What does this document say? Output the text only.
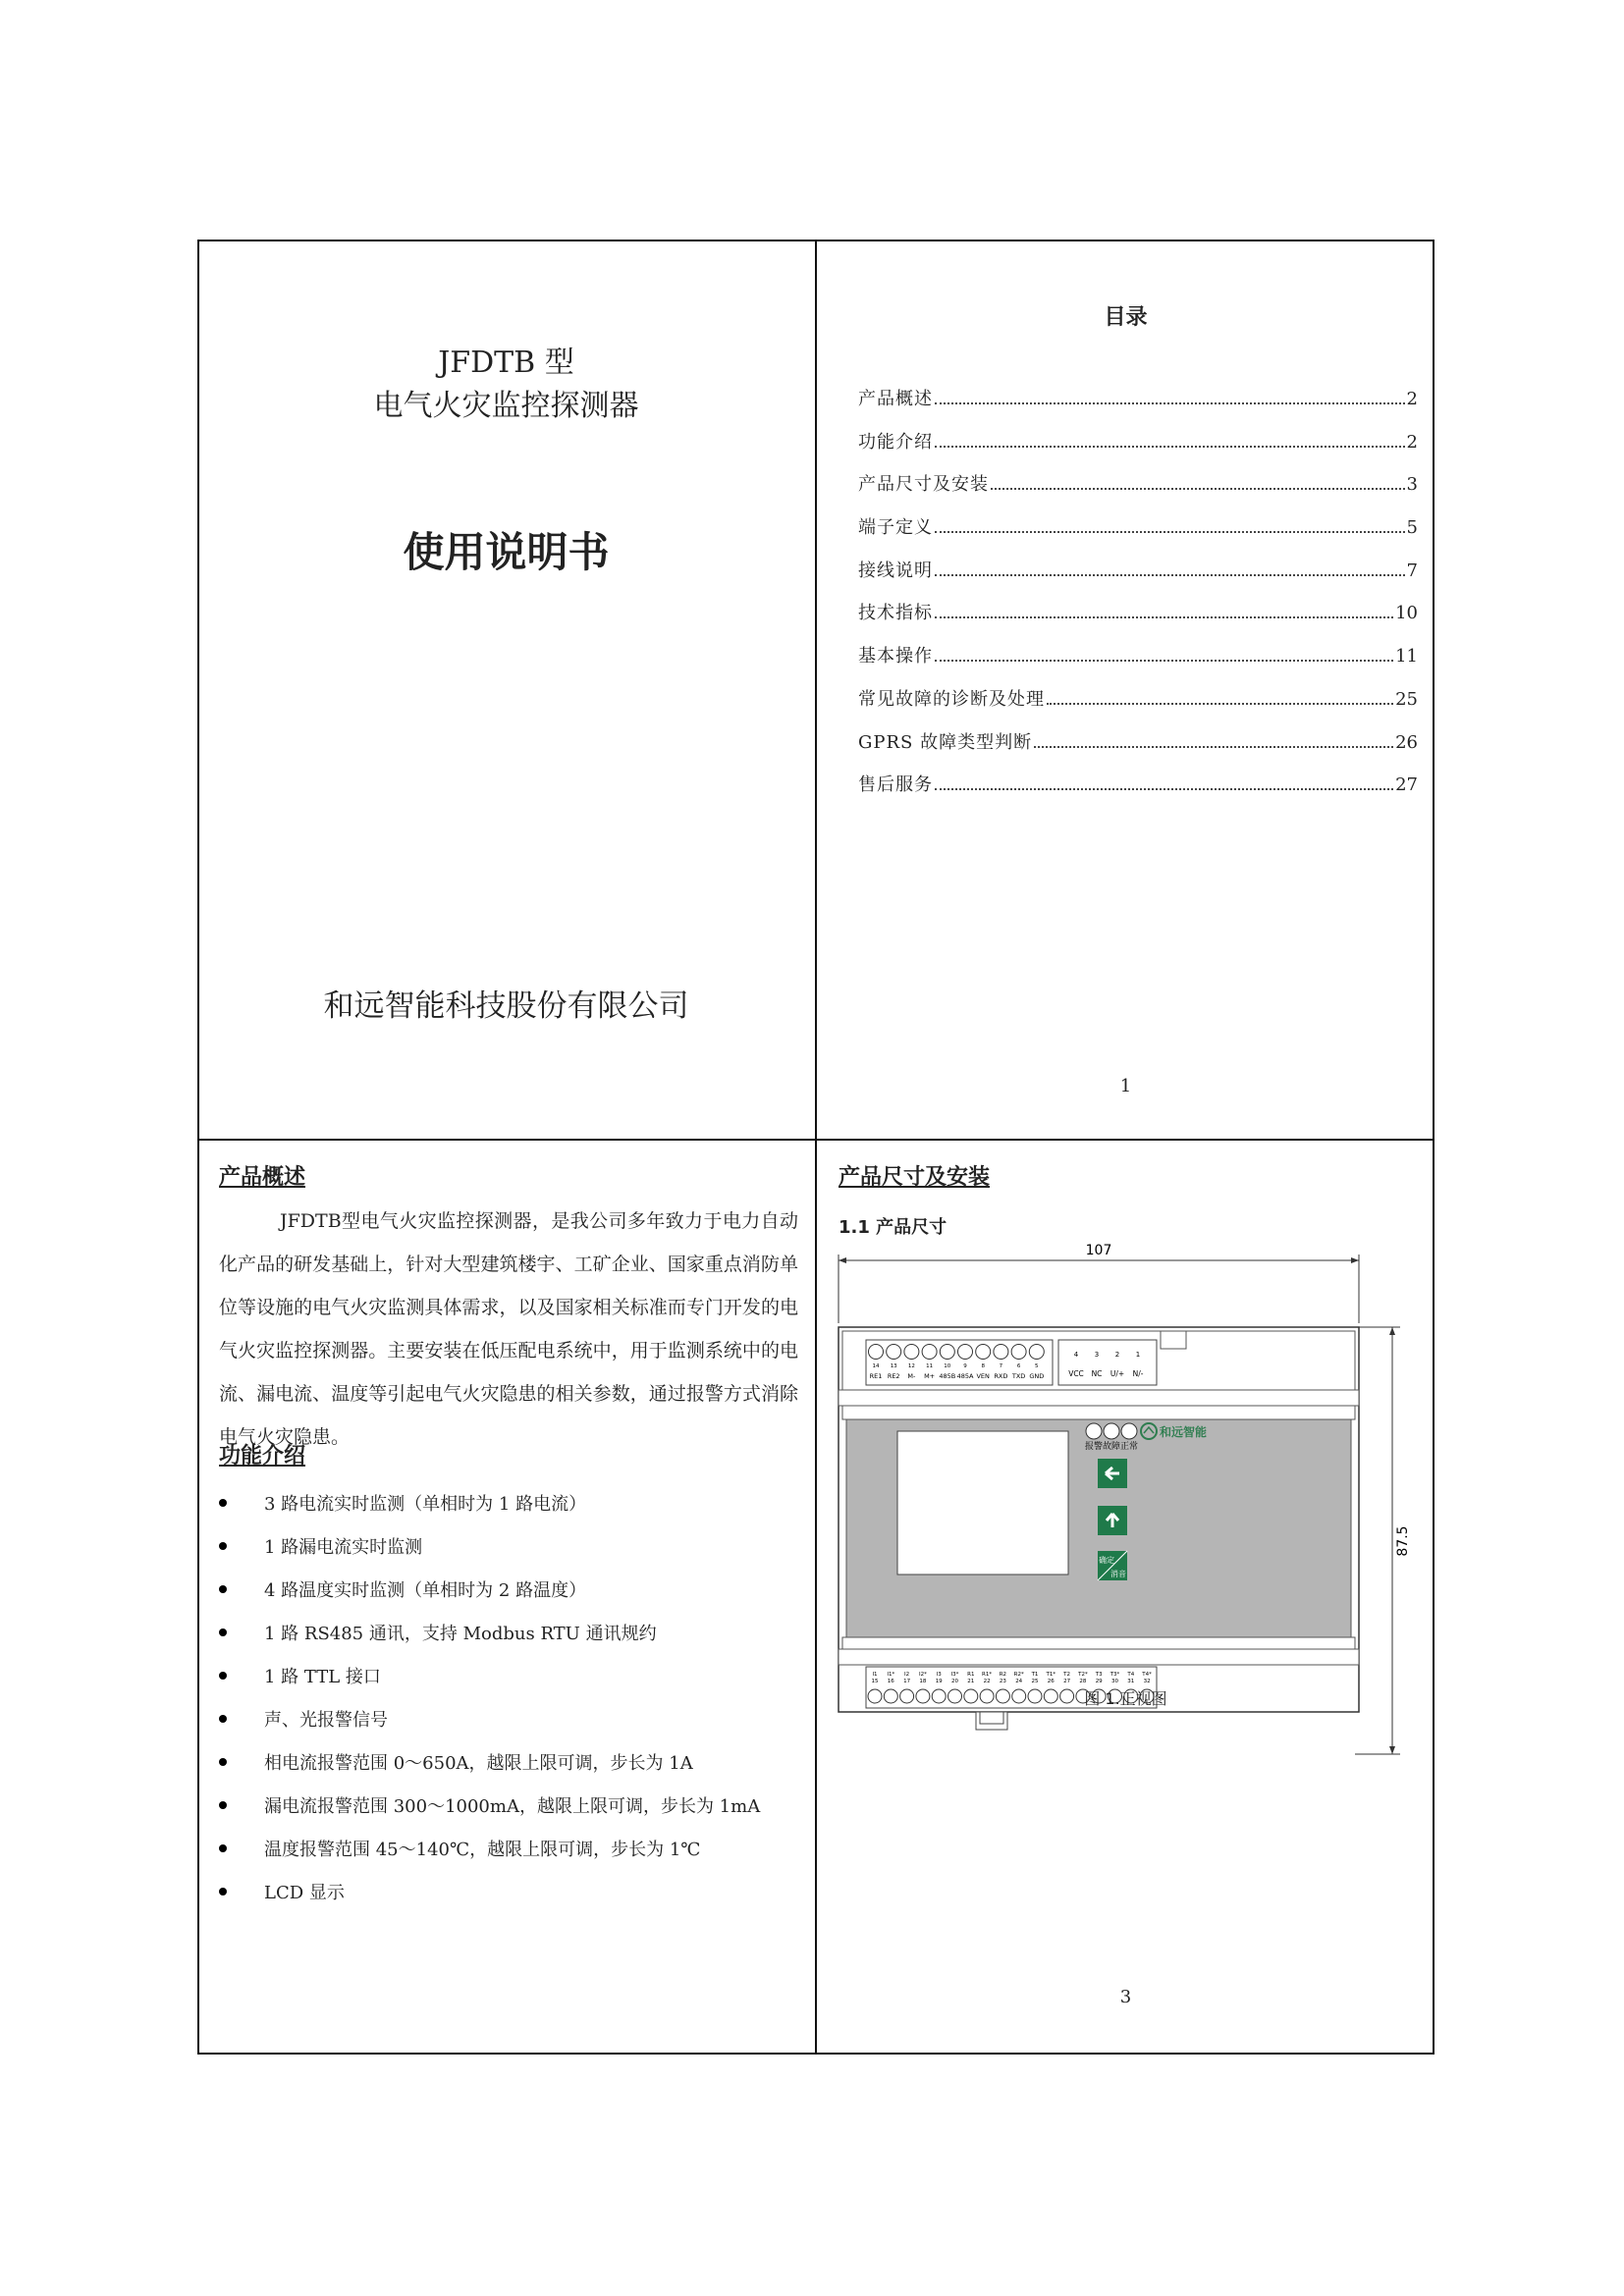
JFDTB 型
电气火灾监控探测器
使用说明书
和远智能科技股份有限公司
目录
产品概述	2
功能介绍	2
产品尺寸及安装	3
端子定义	5
接线说明	7
技术指标	10
基本操作	11
常见故障的诊断及处理	25
GPRS 故障类型判断	26
售后服务	27
1
产品概述

JFDTB型电气火灾监控探测器，是我公司多年致力于电力自动化产品的研发基础上，针对大型建筑楼宇、工矿企业、国家重点消防单位等设施的电气火灾监测具体需求，以及国家相关标准而专门开发的电气火灾监控探测器。主要安装在低压配电系统中，用于监测系统中的电流、漏电流、温度等引起电气火灾隐患的相关参数，通过报警方式消除电气火灾隐患。

功能介绍
3 路电流实时监测（单相时为 1 路电流）
1 路漏电流实时监测
4 路温度实时监测（单相时为 2 路温度）
1 路 RS485 通讯，支持 Modbus RTU 通讯规约
1 路 TTL 接口
声、光报警信号
相电流报警范围 0～650A，越限上限可调，步长为 1A
漏电流报警范围 300～1000mA，越限上限可调，步长为 1mA
温度报警范围 45～140℃，越限上限可调，步长为 1℃
LCD 显示
产品尺寸及安装
1.1 产品尺寸
107
87.5
14 13 12 11 10 9	8	7	6	5
RE1 RE2 M- M+ 485B 485A VEN RXD TXD GND
4 3 2 1
VCC NC U/+ N/-
报警 故障 正常
和远智能
确定
消音
I1 I1* I2 I2* I3 I3* R1 R1* R2 R2* T1 T1* T2 T2* T3 T3* T4 T4*
15 16 17 18 19 20 21 22 23 24 25 26 27 28 29 30 31 32
图 1.正视图
3
